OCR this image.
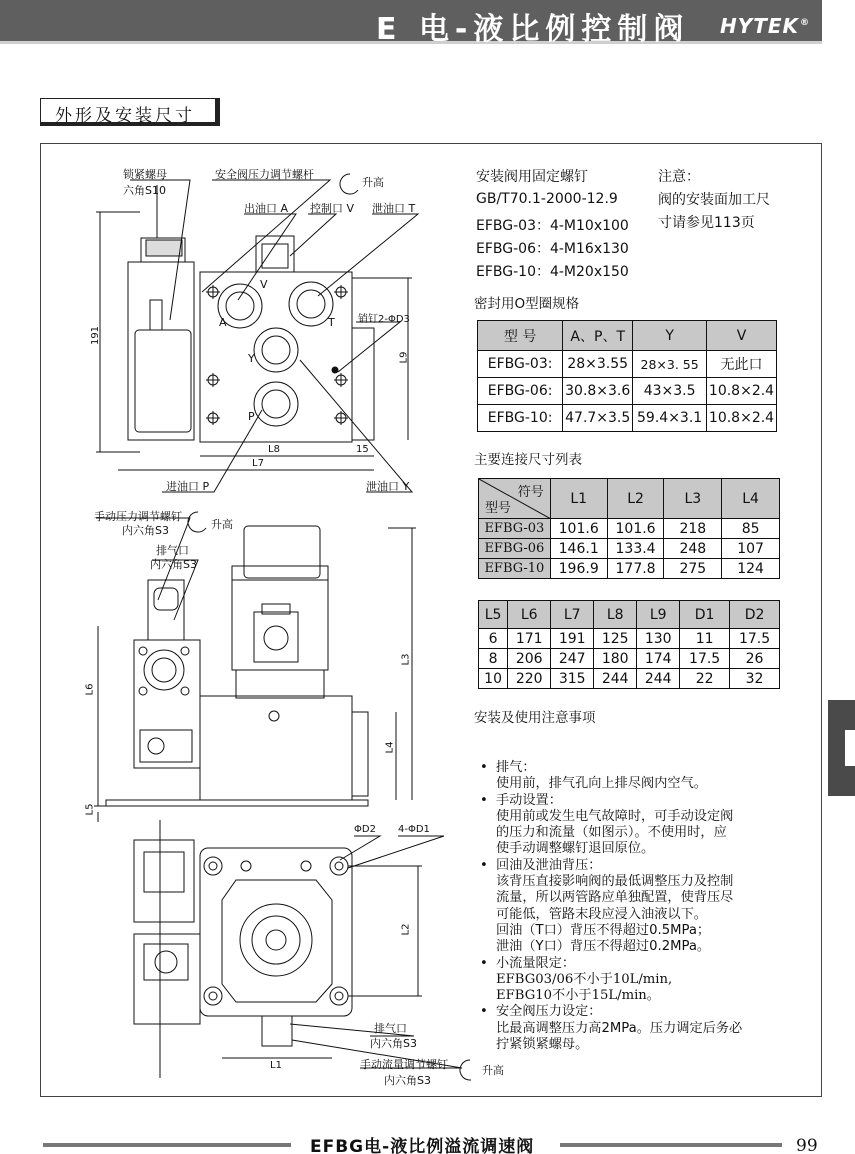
E 电-液比例控制阀 HYTEK®
外形及安装尺寸
锁紧螺母
六角S10
安全阀压力调节螺杆
升高
出油口 A 控制口 V 泄油口 T
销钉2-ΦD3
191
L9
L8	15
L7
A	T
Y
P
V
进油口 P	泄油口 Y
手动压力调节螺钉
内六角S3	升高
排气口
内六角S3
L6
L3
L4
L5
ΦD2 4-ΦD1
L2
L1
排气口
内六角S3
手动流量调节螺钉
内六角S3
升高
安装阀用固定螺钉
GB/T70.1-2000-12.9
EFBG-03：4-M10x100
EFBG-06：4-M16x130
EFBG-10：4-M20x150
注意：
阀的安装面加工尺
寸请参见113页
密封用O型圈规格
型 号	A、P、T	Y	V
EFBG-03:	28×3.55	28×3. 55	无此口
EFBG-06:	30.8×3.6	43×3.5	10.8×2.4
EFBG-10:	47.7×3.5	59.4×3.1	10.8×2.4
主要连接尺寸列表
符号
型号	L1	L2	L3	L4
EFBG-03	101.6	101.6	218	85
EFBG-06	146.1	133.4	248	107
EFBG-10	196.9	177.8	275	124
L5	L6	L7	L8	L9	D1	D2
6	171	191	125	130	11	17.5
8	206	247	180	174	17.5	26
10	220	315	244	244	22	32
安装及使用注意事项
• 排气：
使用前，排气孔向上排尽阀内空气。
• 手动设置：
使用前或发生电气故障时，可手动设定阀
的压力和流量（如图示）。不使用时，应
使手动调整螺钉退回原位。
• 回油及泄油背压：
该背压直接影响阀的最低调整压力及控制
流量，所以两管路应单独配置，使背压尽
可能低，管路末段应浸入油液以下。
回油（T口）背压不得超过0.5MPa；
泄油（Y口）背压不得超过0.2MPa。
• 小流量限定：
EFBG03/06不小于10L/min,
EFBG10不小于15L/min。
• 安全阀压力设定：
比最高调整压力高2MPa。压力调定后务必
拧紧锁紧螺母。
EFBG电-液比例溢流调速阀	99
